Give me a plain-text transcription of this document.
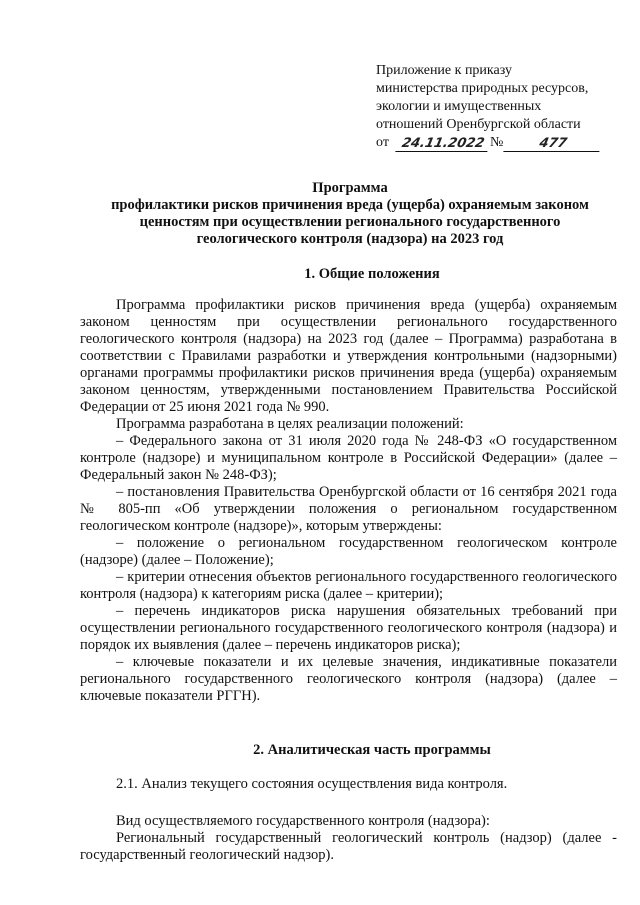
Приложение к приказу
министерства природных ресурсов,
экологии и имущественных
отношений Оренбургской области
от 24.11.2022 №	477
Программа
профилактики рисков причинения вреда (ущерба) охраняемым законом
ценностям при осуществлении регионального государственного
геологического контроля (надзора) на 2023 год
1. Общие положения

Программа профилактики рисков причинения вреда (ущерба) охраняемым законом ценностям при осуществлении регионального государственного геологического контроля (надзора) на 2023 год (далее – Программа) разработана в соответствии с Правилами разработки и утверждения контрольными (надзорными) органами программы профилактики рисков причинения вреда (ущерба) охраняемым законом ценностям, утвержденными постановлением Правительства Российской Федерации от 25 июня 2021 года № 990.

Программа разработана в целях реализации положений:

– Федерального закона от 31 июля 2020 года № 248-ФЗ «О государственном контроле (надзоре) и муниципальном контроле в Российской Федерации» (далее – Федеральный закон № 248-ФЗ);

– постановления Правительства Оренбургской области от 16 сентября 2021 года № 805-пп «Об утверждении положения о региональном государственном геологическом контроле (надзоре)», которым утверждены:

– положение о региональном государственном геологическом контроле (надзоре) (далее – Положение);

– критерии отнесения объектов регионального государственного геологического контроля (надзора) к категориям риска (далее – критерии);

– перечень индикаторов риска нарушения обязательных требований при осуществлении регионального государственного геологического контроля (надзора) и порядок их выявления (далее – перечень индикаторов риска);

– ключевые показатели и их целевые значения, индикативные показатели регионального государственного геологического контроля (надзора) (далее – ключевые показатели РГГН).

2. Аналитическая часть программы

2.1. Анализ текущего состояния осуществления вида контроля.

Вид осуществляемого государственного контроля (надзора):

Региональный государственный геологический контроль (надзор) (далее - государственный геологический надзор).
